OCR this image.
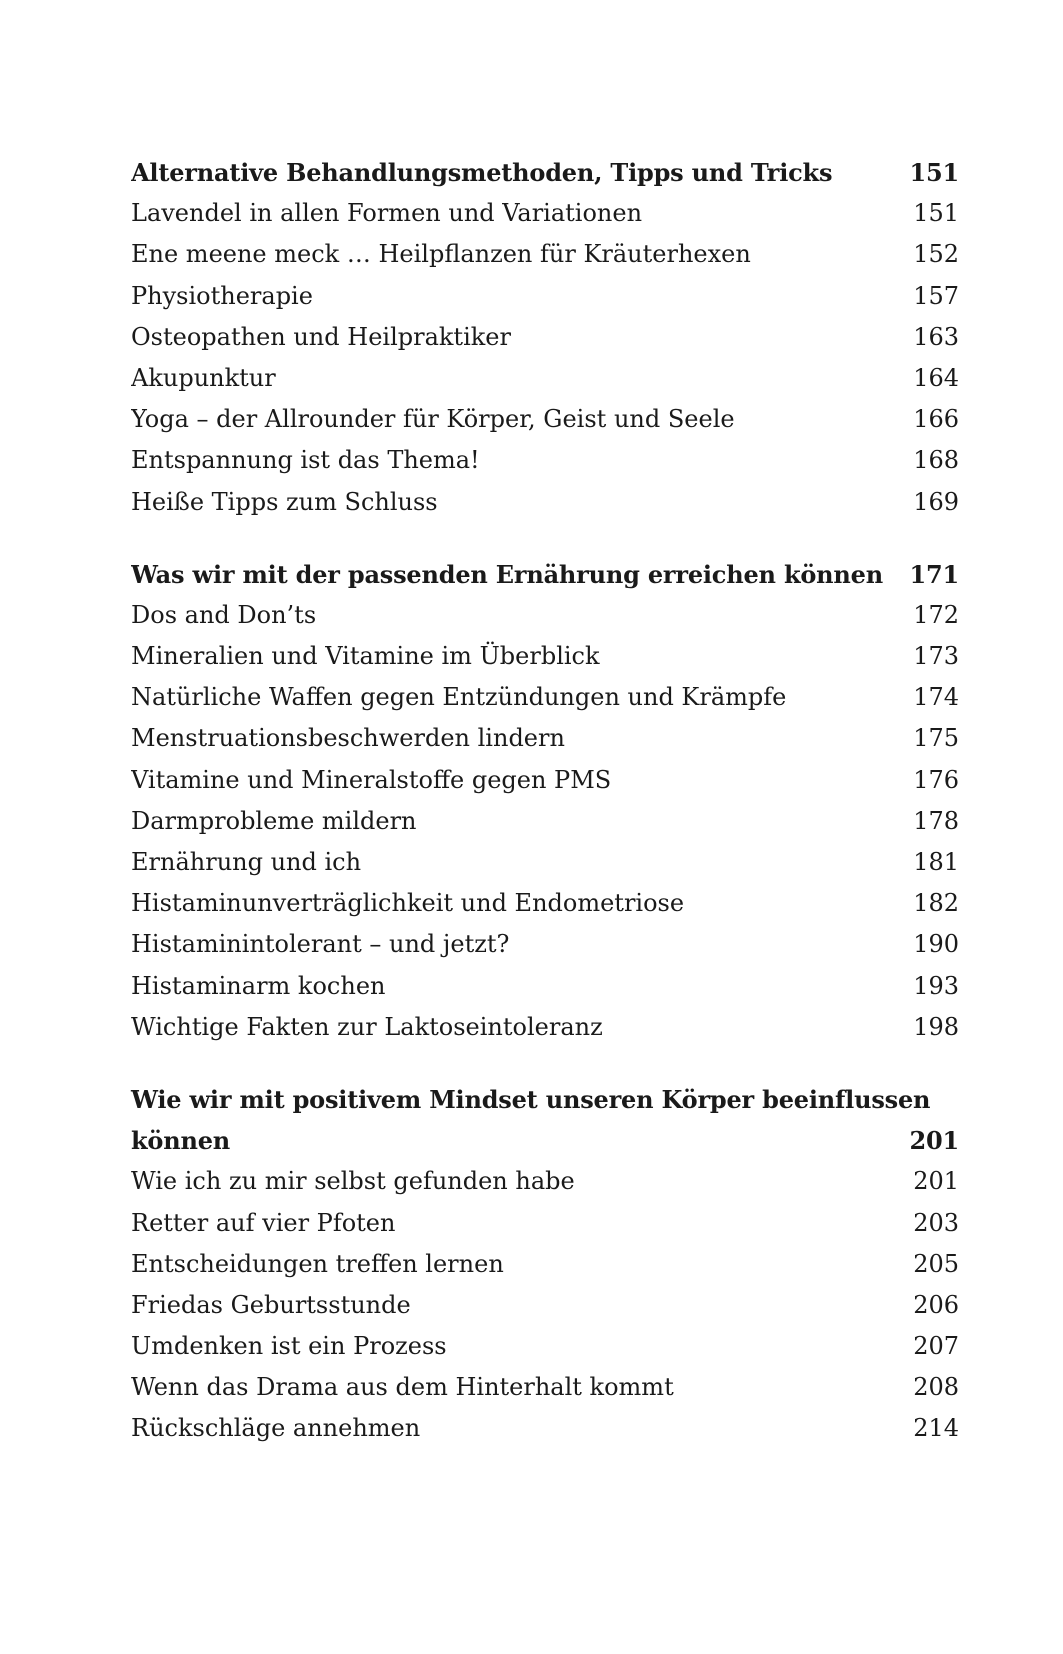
Alternative Behandlungsmethoden, Tipps und Tricks	151
Lavendel in allen Formen und Variationen	151
Ene meene meck … Heilpflanzen für Kräuterhexen	152
Physiotherapie	157
Osteopathen und Heilpraktiker	163
Akupunktur	164
Yoga – der Allrounder für Körper, Geist und Seele	166
Entspannung ist das Thema!	168
Heiße Tipps zum Schluss	169
Was wir mit der passenden Ernährung erreichen können	171
Dos and Don’ts	172
Mineralien und Vitamine im Überblick	173
Natürliche Waffen gegen Entzündungen und Krämpfe	174
Menstruationsbeschwerden lindern	175
Vitamine und Mineralstoffe gegen PMS	176
Darmprobleme mildern	178
Ernährung und ich	181
Histaminunverträglichkeit und Endometriose	182
Histaminintolerant – und jetzt?	190
Histaminarm kochen	193
Wichtige Fakten zur Laktoseintoleranz	198
Wie wir mit positivem Mindset unseren Körper beeinflussen
können	201
Wie ich zu mir selbst gefunden habe	201
Retter auf vier Pfoten	203
Entscheidungen treffen lernen	205
Friedas Geburtsstunde	206
Umdenken ist ein Prozess	207
Wenn das Drama aus dem Hinterhalt kommt	208
Rückschläge annehmen	214
